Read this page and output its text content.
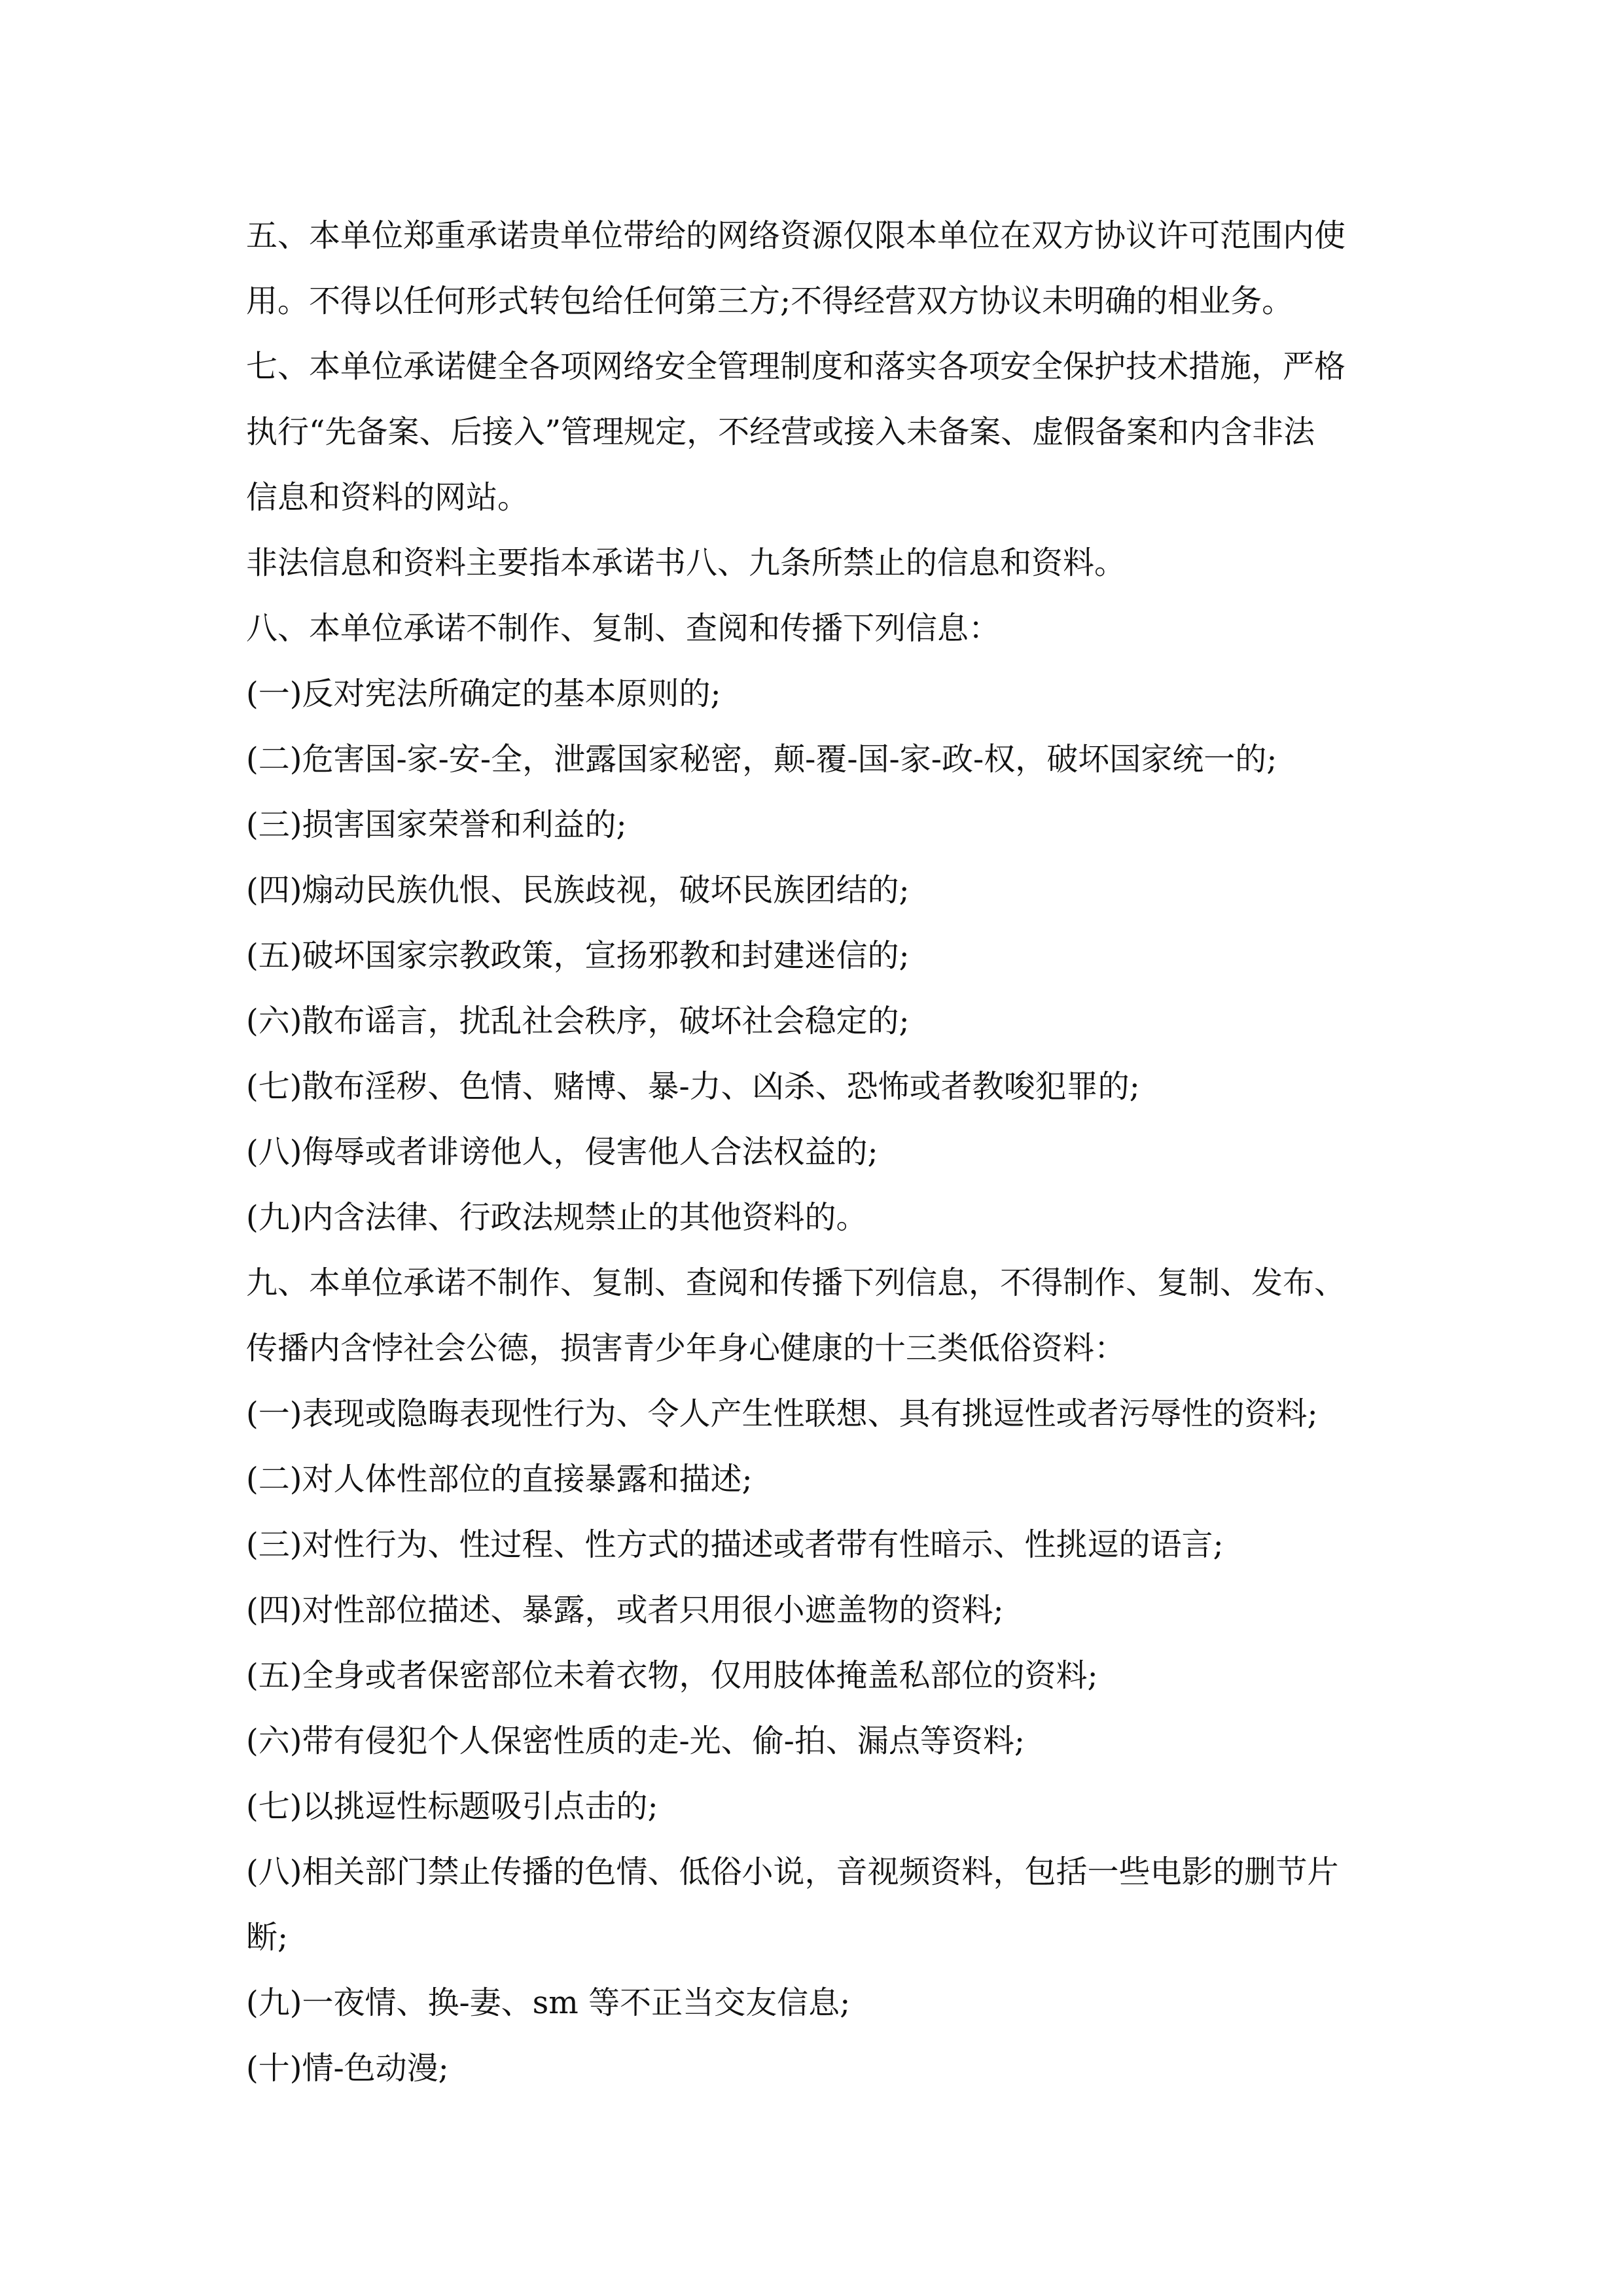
五、本单位郑重承诺贵单位带给的网络资源仅限本单位在双方协议许可范围内使
用。不得以任何形式转包给任何第三方;不得经营双方协议未明确的相业务。
七、本单位承诺健全各项网络安全管理制度和落实各项安全保护技术措施，严格
执行“先备案、后接入”管理规定，不经营或接入未备案、虚假备案和内含非法
信息和资料的网站。
非法信息和资料主要指本承诺书八、九条所禁止的信息和资料。
八、本单位承诺不制作、复制、查阅和传播下列信息：
(一)反对宪法所确定的基本原则的;
(二)危害国-家-安-全，泄露国家秘密，颠-覆-国-家-政-权，破坏国家统一的;
(三)损害国家荣誉和利益的;
(四)煽动民族仇恨、民族歧视，破坏民族团结的;
(五)破坏国家宗教政策，宣扬邪教和封建迷信的;
(六)散布谣言，扰乱社会秩序，破坏社会稳定的;
(七)散布淫秽、色情、赌博、暴-力、凶杀、恐怖或者教唆犯罪的;
(八)侮辱或者诽谤他人，侵害他人合法权益的;
(九)内含法律、行政法规禁止的其他资料的。
九、本单位承诺不制作、复制、查阅和传播下列信息，不得制作、复制、发布、
传播内含悖社会公德，损害青少年身心健康的十三类低俗资料：
(一)表现或隐晦表现性行为、令人产生性联想、具有挑逗性或者污辱性的资料;
(二)对人体性部位的直接暴露和描述;
(三)对性行为、性过程、性方式的描述或者带有性暗示、性挑逗的语言;
(四)对性部位描述、暴露，或者只用很小遮盖物的资料;
(五)全身或者保密部位未着衣物，仅用肢体掩盖私部位的资料;
(六)带有侵犯个人保密性质的走-光、偷-拍、漏点等资料;
(七)以挑逗性标题吸引点击的;
(八)相关部门禁止传播的色情、低俗小说，音视频资料，包括一些电影的删节片
断;
(九)一夜情、换-妻、sm 等不正当交友信息;
(十)情-色动漫;
